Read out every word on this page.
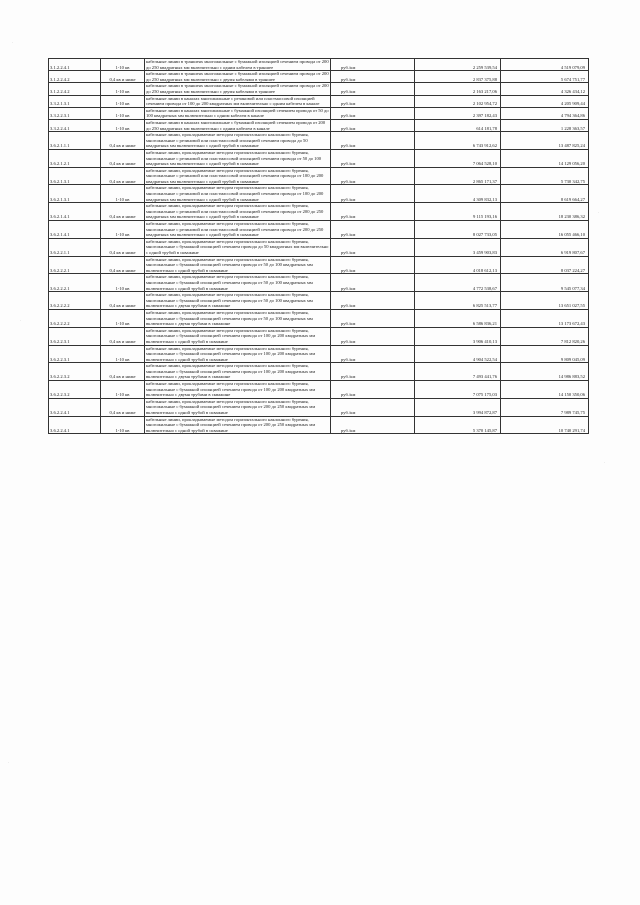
·
·
·
·
·
3.1.2.2.4.1	1-10 кв	кабельные линии в траншеях многожильные с бумажной изоляцией сечением провода от 200 до 250 квадратных мм включительно с одним кабелем в траншее	руб./км	2 259 539,54	4 519 079,09
3.1.2.2.4.2	0,4 кв и ниже	кабельные линии в траншеях многожильные с бумажной изоляцией сечением провода от 200 до 250 квадратных мм включительно с двумя кабелями в траншее	руб./км	2 837 375,88	5 674 751,77
3.1.2.2.4.2	1-10 кв	кабельные линии в траншеях многожильные с бумажной изоляцией сечением провода от 200 до 250 квадратных мм включительно с двумя кабелями в траншее	руб./км	2 163 217,06	4 326 434,12
3.3.2.1.3.1	1-10 кв	кабельные линии в каналах многожильные с резиновой или пластмассовой изоляцией сечением провода от 100 до 200 квадратных мм включительно с одним кабелем в канале	руб./км	2 102 954,72	4 205 909,44
3.3.2.2.3.1	1-10 кв	кабельные линии в каналах многожильные с бумажной изоляцией сечением провода от 50 до 100 квадратных мм включительно с одним кабелем в канале	руб./км	2 397 182,43	4 794 364,86
3.3.2.2.4.1	1-10 кв	кабельные линии в каналах многожильные с бумажной изоляцией сечением провода от 200 до 250 квадратных мм включительно с одним кабелем в канале	руб./км	614 181,78	1 228 363,57
3.6.2.1.1.1	0,4 кв и ниже	кабельные линии, прокладываемые методом горизонтального наклонного бурения, многожильные с резиновой или пластмассовой изоляцией сечением провода до 50 квадратных мм включительно с одной трубой в скважине	руб./км	6 743 912,62	13 487 825,24
3.6.2.1.2.1	0,4 кв и ниже	кабельные линии, прокладываемые методом горизонтального наклонного бурения, многожильные с резиновой или пластмассовой изоляцией сечением провода от 50 до 100 квадратных мм включительно с одной трубой в скважине	руб./км	7 064 528,10	14 129 056,20
3.6.2.1.3.1	0,4 кв и ниже	кабельные линии, прокладываемые методом горизонтального наклонного бурения, многожильные с резиновой или пластмассовой изоляцией сечением провода от 100 до 200 квадратных мм включительно с одной трубой в скважине	руб./км	2 865 171,37	5 730 342,75
3.6.2.1.3.1	1-10 кв	кабельные линии, прокладываемые методом горизонтального наклонного бурения, многожильные с резиновой или пластмассовой изоляцией сечением провода от 100 до 200 квадратных мм включительно с одной трубой в скважине	руб./км	4 309 832,13	8 619 664,27
3.6.2.1.4.1	0,4 кв и ниже	кабельные линии, прокладываемые методом горизонтального наклонного бурения, многожильные с резиновой или пластмассовой изоляцией сечением провода от 200 до 250 квадратных мм включительно с одной трубой в скважине	руб./км	9 115 193,16	18 230 386,32
3.6.2.1.4.1	1-10 кв	кабельные линии, прокладываемые методом горизонтального наклонного бурения, многожильные с резиновой или пластмассовой изоляцией сечением провода от 200 до 250 квадратных мм включительно с одной трубой в скважине	руб./км	8 027 733,05	16 055 466,10
3.6.2.2.1.1	0,4 кв и ниже	кабельные линии, прокладываемые методом горизонтального наклонного бурения, многожильные с бумажной изоляцией сечением провода до 50 квадратных мм включительно с одной трубой в скважине	руб./км	3 459 903,83	6 919 807,67
3.6.2.2.2.1	0,4 кв и ниже	кабельные линии, прокладываемые методом горизонтального наклонного бурения, многожильные с бумажной изоляцией сечением провода от 50 до 100 квадратных мм включительно с одной трубой в скважине	руб./км	4 018 612,13	8 037 224,27
3.6.2.2.2.1	1-10 кв	кабельные линии, прокладываемые методом горизонтального наклонного бурения, многожильные с бумажной изоляцией сечением провода от 50 до 100 квадратных мм включительно с одной трубой в скважине	руб./км	4 772 538,67	9 545 077,34
3.6.2.2.2.2	0,4 кв и ниже	кабельные линии, прокладываемые методом горизонтального наклонного бурения, многожильные с бумажной изоляцией сечением провода от 50 до 100 квадратных мм включительно с двумя трубами в скважине	руб./км	6 825 513,77	13 651 027,55
3.6.2.2.2.2	1-10 кв	кабельные линии, прокладываемые методом горизонтального наклонного бурения, многожильные с бумажной изоляцией сечением провода от 50 до 100 квадратных мм включительно с двумя трубами в скважине	руб./км	6 586 836,21	13 173 672,43
3.6.2.2.3.1	0,4 кв и ниже	кабельные линии, прокладываемые методом горизонтального наклонного бурения, многожильные с бумажной изоляцией сечением провода от 100 до 200 квадратных мм включительно с одной трубой в скважине	руб./км	3 906 410,13	7 812 820,26
3.6.2.2.3.1	1-10 кв	кабельные линии, прокладываемые методом горизонтального наклонного бурения, многожильные с бумажной изоляцией сечением провода от 100 до 200 квадратных мм включительно с одной трубой в скважине	руб./км	4 904 522,54	9 809 045,09
3.6.2.2.3.2	0,4 кв и ниже	кабельные линии, прокладываемые методом горизонтального наклонного бурения, многожильные с бумажной изоляцией сечением провода от 100 до 200 квадратных мм включительно с двумя трубами в скважине	руб./км	7 493 441,76	14 986 883,52
3.6.2.2.3.2	1-10 кв	кабельные линии, прокладываемые методом горизонтального наклонного бурения, многожильные с бумажной изоляцией сечением провода от 100 до 200 квадратных мм включительно с двумя трубами в скважине	руб./км	7 075 175,03	14 150 350,06
3.6.2.2.4.1	0,4 кв и ниже	кабельные линии, прокладываемые методом горизонтального наклонного бурения, многожильные с бумажной изоляцией сечением провода от 200 до 250 квадратных мм включительно с одной трубой в скважине	руб./км	3 994 872,87	7 989 745,75
3.6.2.2.4.1	1-10 кв	кабельные линии, прокладываемые методом горизонтального наклонного бурения, многожильные с бумажной изоляцией сечением провода от 200 до 250 квадратных мм включительно с одной трубой в скважине	руб./км	5 370 145,87	10 740 291,74
